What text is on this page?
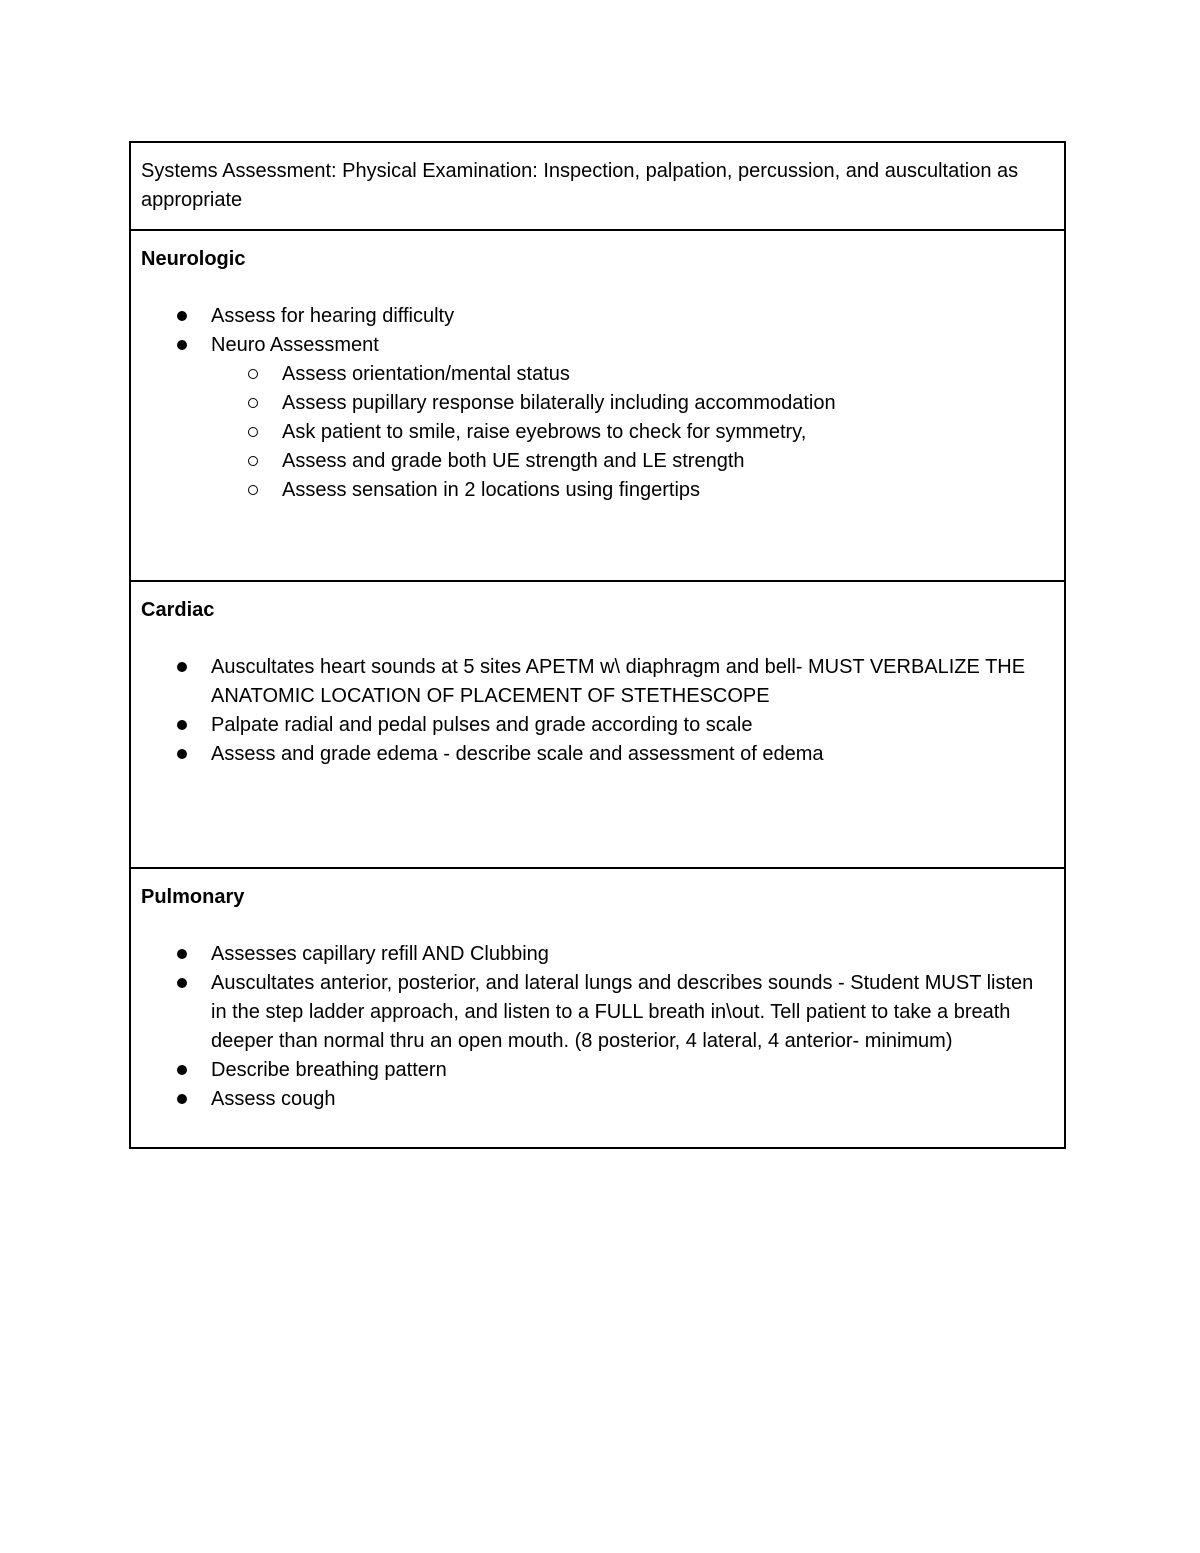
Systems Assessment: Physical Examination: Inspection, palpation, percussion, and auscultation as appropriate
Neurologic
Assess for hearing difficulty
Neuro Assessment
Assess orientation/mental status
Assess pupillary response bilaterally including accommodation
Ask patient to smile, raise eyebrows to check for symmetry,
Assess and grade both UE strength and LE strength
Assess sensation in 2 locations using fingertips
Cardiac
Auscultates heart sounds at 5 sites APETM w\ diaphragm and bell- MUST VERBALIZE THE ANATOMIC LOCATION OF PLACEMENT OF STETHESCOPE
Palpate radial and pedal pulses and grade according to scale
Assess and grade edema - describe scale and assessment of edema
Pulmonary
Assesses capillary refill AND Clubbing
Auscultates anterior, posterior, and lateral lungs and describes sounds - Student MUST listen in the step ladder approach, and listen to a FULL breath in\out. Tell patient to take a breath deeper than normal thru an open mouth. (8 posterior, 4 lateral, 4 anterior- minimum)
Describe breathing pattern
Assess cough
